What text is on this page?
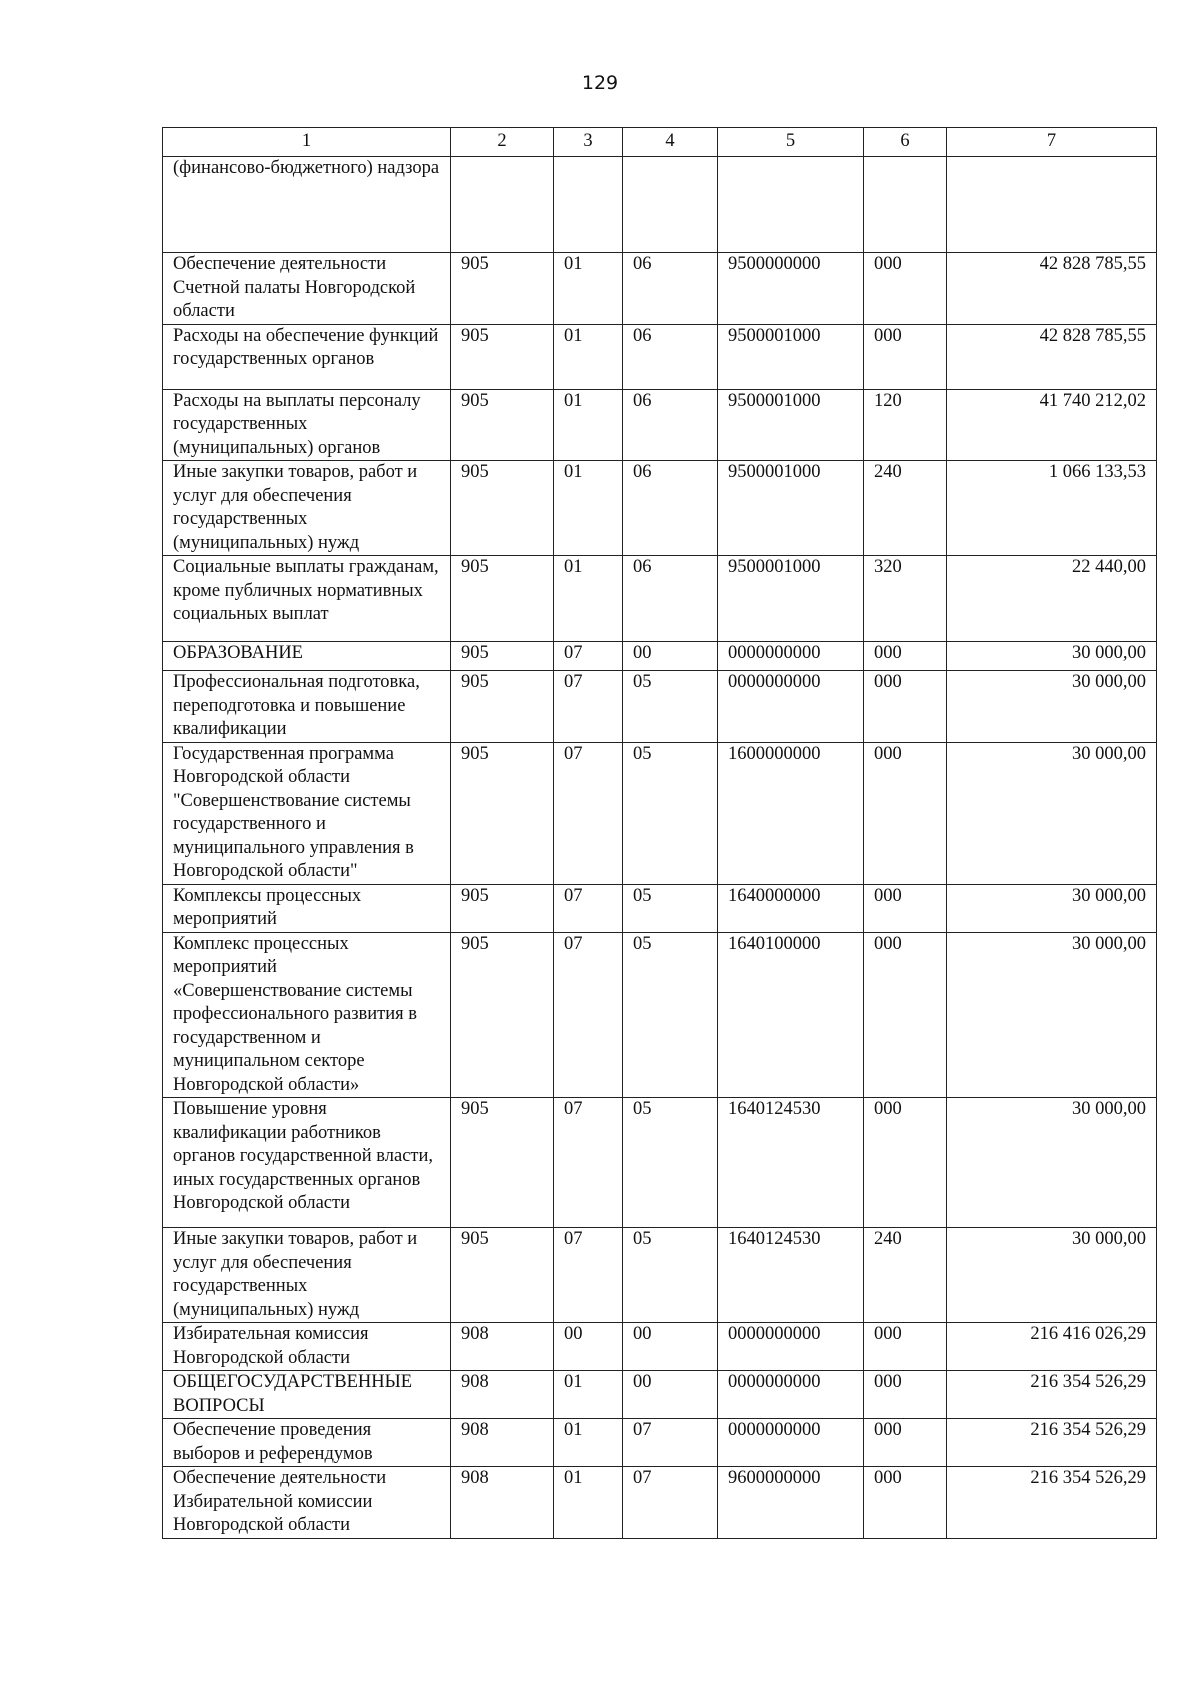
129
1	2	3	4	5	6	7
(финансово-бюджетного) надзора						
Обеспечение деятельности Счетной палаты Новгородской области	905	01	06	9500000000	000	42 828 785,55
Расходы на обеспечение функций государственных органов	905	01	06	9500001000	000	42 828 785,55
Расходы на выплаты персоналу государственных (муниципальных) органов	905	01	06	9500001000	120	41 740 212,02
Иные закупки товаров, работ и услуг для обеспечения государственных (муниципальных) нужд	905	01	06	9500001000	240	1 066 133,53
Социальные выплаты гражданам, кроме публичных нормативных социальных выплат	905	01	06	9500001000	320	22 440,00
ОБРАЗОВАНИЕ	905	07	00	0000000000	000	30 000,00
Профессиональная подготовка, переподготовка и повышение квалификации	905	07	05	0000000000	000	30 000,00
Государственная программа Новгородской области "Совершенствование системы государственного и муниципального управления в Новгородской области"	905	07	05	1600000000	000	30 000,00
Комплексы процессных мероприятий	905	07	05	1640000000	000	30 000,00
Комплекс процессных мероприятий «Совершенствование системы профессионального развития в государственном и муниципальном секторе Новгородской области»	905	07	05	1640100000	000	30 000,00
Повышение уровня квалификации работников органов государственной власти, иных государственных органов Новгородской области	905	07	05	1640124530	000	30 000,00
Иные закупки товаров, работ и услуг для обеспечения государственных (муниципальных) нужд	905	07	05	1640124530	240	30 000,00
Избирательная комиссия Новгородской области	908	00	00	0000000000	000	216 416 026,29
ОБЩЕГОСУДАРСТВЕННЫЕ ВОПРОСЫ	908	01	00	0000000000	000	216 354 526,29
Обеспечение проведения выборов и референдумов	908	01	07	0000000000	000	216 354 526,29
Обеспечение деятельности Избирательной комиссии Новгородской области	908	01	07	9600000000	000	216 354 526,29
